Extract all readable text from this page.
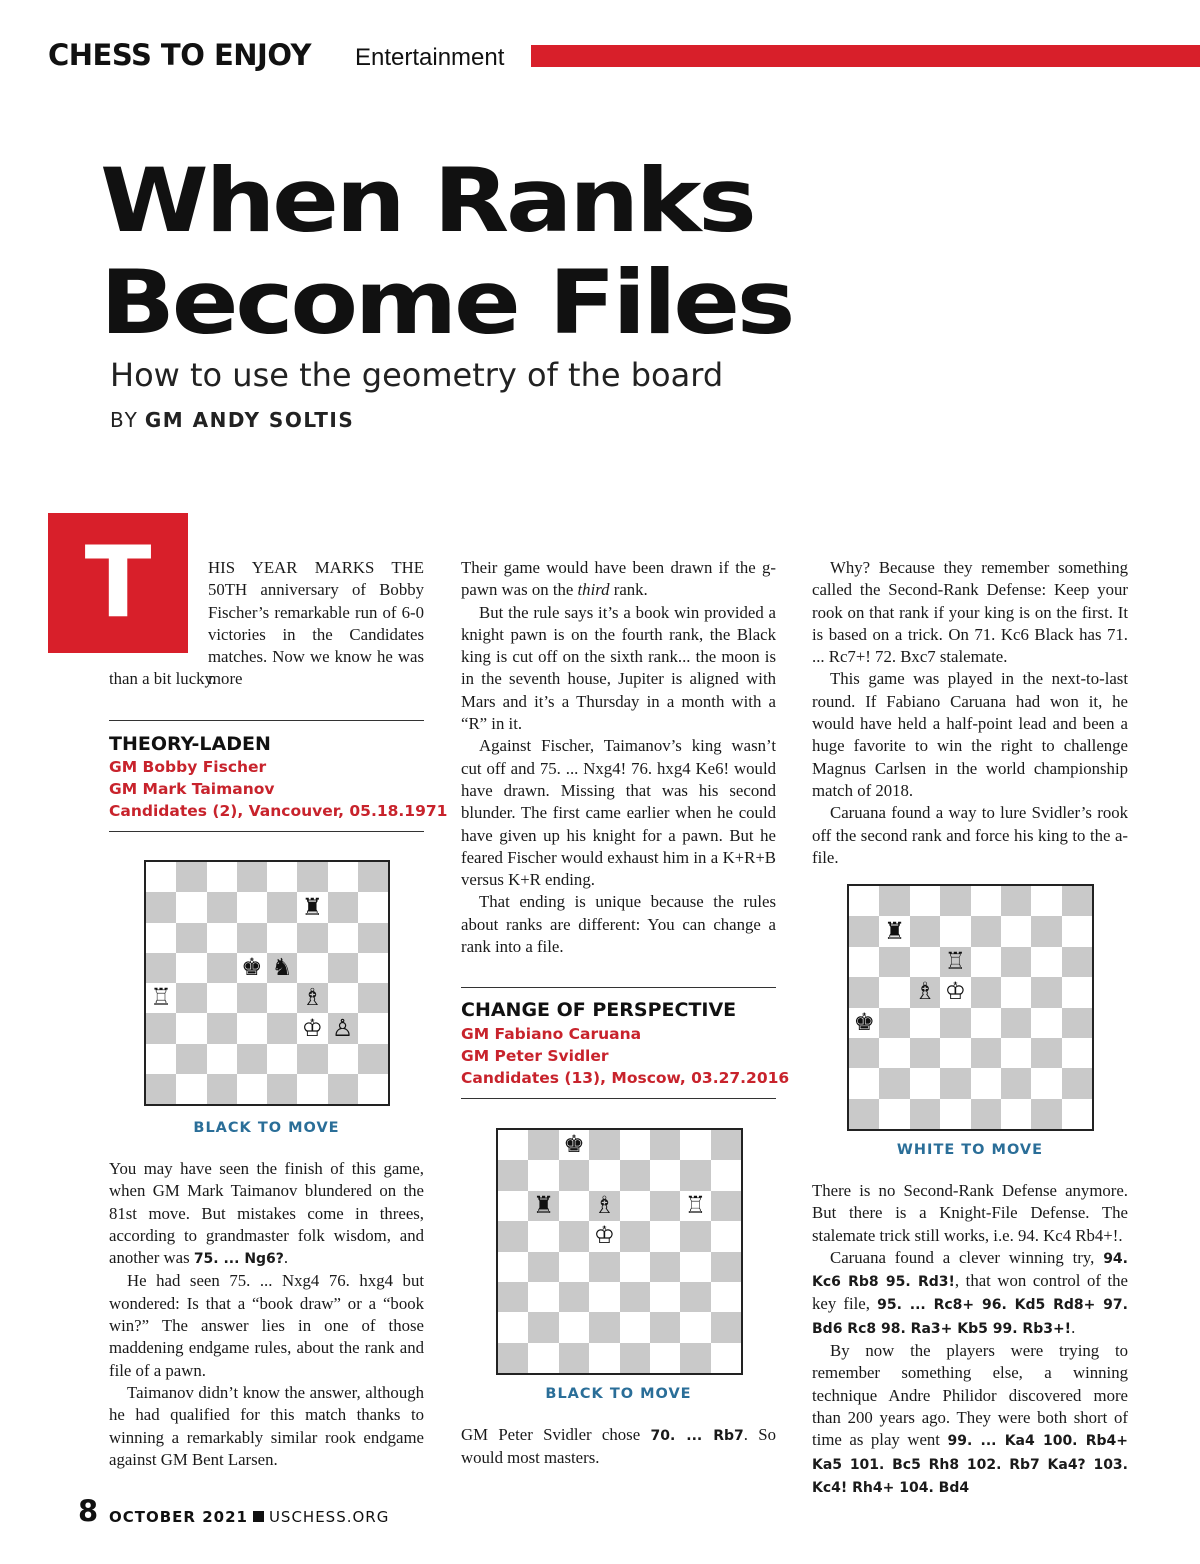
CHESS TO ENJOY Entertainment
When Ranks
Become Files
How to use the geometry of the board
BY GM ANDY SOLTIS
T	HIS YEAR MARKS THE 50TH anniversary of Bobby Fischer’s remarkable run of 6-0 victories in the Candidates matches. Now we know he was more

than a bit lucky.

THEORY-LADEN
GM Bobby Fischer
GM Mark Taimanov
Candidates (2), Vancouver, 05.18.1971
♜
♚ ♞
♖	♗
♔ ♙
BLACK TO MOVE

You may have seen the finish of this game, when GM Mark Taimanov blundered on the 81st move. But mistakes come in threes, according to grandmaster folk wisdom, and another was 75. ... Ng6?.

He had seen 75. ... Nxg4 76. hxg4 but wondered: Is that a “book draw” or a “book win?” The answer lies in one of those maddening endgame rules, about the rank and file of a pawn.

Taimanov didn’t know the answer, although he had qualified for this match thanks to winning a remarkably similar rook endgame against GM Bent Larsen.

Their game would have been drawn if the g-pawn was on the third rank.

But the rule says it’s a book win provided a knight pawn is on the fourth rank, the Black king is cut off on the sixth rank... the moon is in the seventh house, Jupiter is aligned with Mars and it’s a Thursday in a month with a “R” in it.

Against Fischer, Taimanov’s king wasn’t cut off and 75. ... Nxg4! 76. hxg4 Ke6! would have drawn. Missing that was his second blunder. The first came earlier when he could have given up his knight for a pawn. But he feared Fischer would exhaust him in a K+R+B versus K+R ending.

That ending is unique because the rules about ranks are different: You can change a rank into a file.

CHANGE OF PERSPECTIVE
GM Fabiano Caruana
GM Peter Svidler
Candidates (13), Moscow, 03.27.2016
♚
♜ ♗	♖
♔
BLACK TO MOVE

GM Peter Svidler chose 70. ... Rb7. So would most masters.

Why? Because they remember something called the Second-Rank Defense: Keep your rook on that rank if your king is on the first. It is based on a trick. On 71. Kc6 Black has 71. ... Rc7+! 72. Bxc7 stalemate.

This game was played in the next-to-last round. If Fabiano Caruana had won it, he would have held a half-point lead and been a huge favorite to win the right to challenge Magnus Carlsen in the world championship match of 2018.

Caruana found a way to lure Svidler’s rook off the second rank and force his king to the a-file.

♜
♖
♗ ♔
♚
WHITE TO MOVE

There is no Second-Rank Defense anymore. But there is a Knight-File Defense. The stalemate trick still works, i.e. 94. Kc4 Rb4+!.

Caruana found a clever winning try, 94. Kc6 Rb8 95. Rd3!, that won control of the key file, 95. ... Rc8+ 96. Kd5 Rd8+ 97. Bd6 Rc8 98. Ra3+ Kb5 99. Rb3+!.

By now the players were trying to remember something else, a winning technique Andre Philidor discovered more than 200 years ago. They were both short of time as play went 99. ... Ka4 100. Rb4+ Ka5 101. Bc5 Rh8 102. Rb7 Ka4? 103. Kc4! Rh4+ 104. Bd4

8 OCTOBER 2021 USCHESS.ORG
